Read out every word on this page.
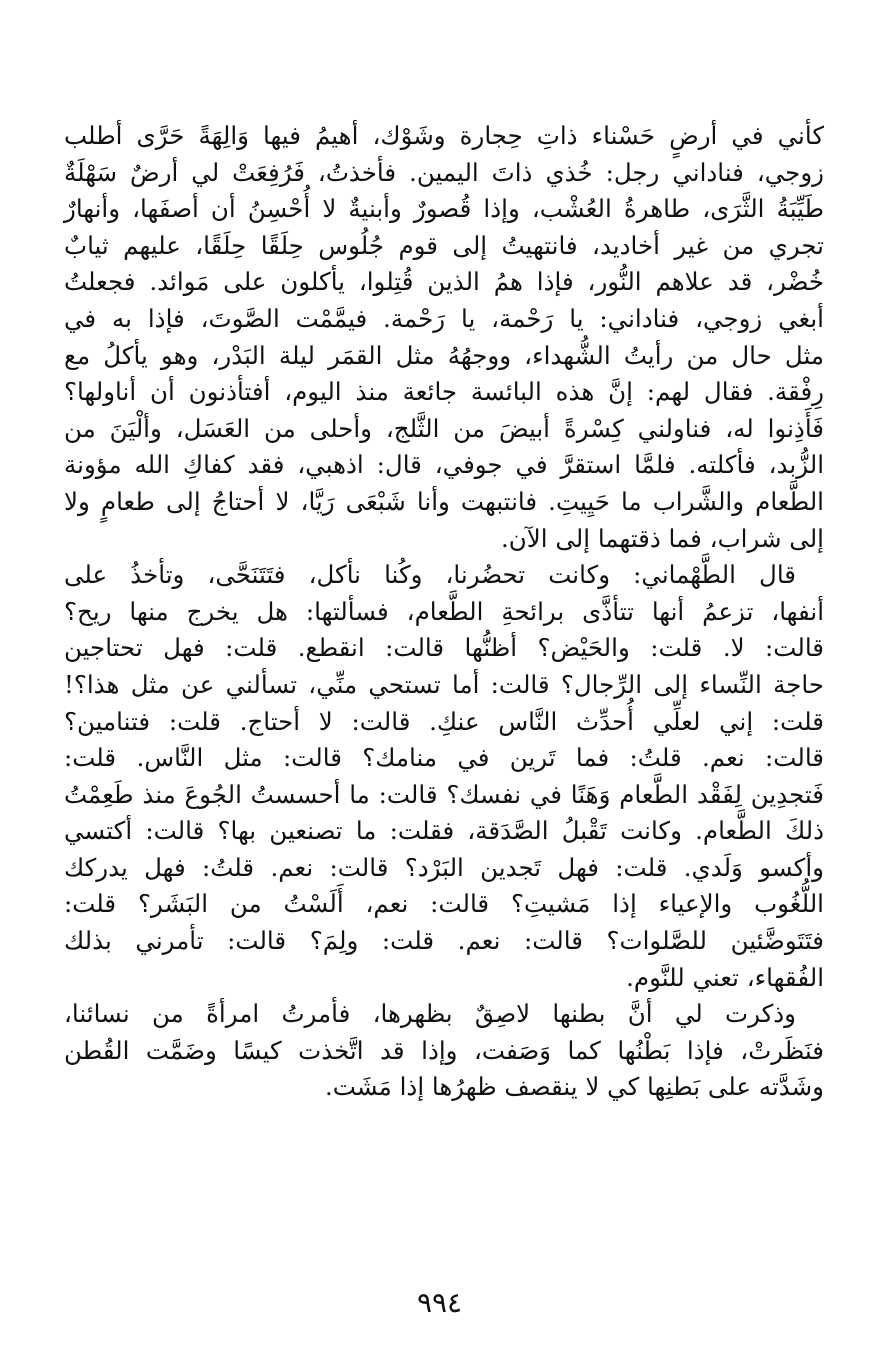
كأني في أرضٍ حَسْناء ذاتِ حِجارة وشَوْك، أهيمُ فيها وَالِهَةً حَرَّى أطلب
زوجي، فناداني رجل: خُذي ذاتَ اليمين. فأخذتُ، فَرُفِعَتْ لي أرضٌ سَهْلَةٌ
طَيِّبَةُ الثَّرَى، طاهرةُ العُشْب، وإذا قُصورٌ وأبنيةٌ لا أُحْسِنُ أن أصفَها، وأنهارٌ
تجري من غير أخاديد، فانتهيتُ إلى قوم جُلُوس حِلَقًا حِلَقًا، عليهم ثيابٌ
خُضْر، قد علاهم النُّور، فإذا همُ الذين قُتِلوا، يأكلون على مَوائد. فجعلتُ
أبغي زوجي، فناداني: يا رَحْمة، يا رَحْمة. فيمَّمْت الصَّوتَ، فإذا به في
مثل حال من رأيتُ الشُّهداء، ووجهُهُ مثل القمَر ليلة البَدْر، وهو يأكلُ مع
رِفْقة. فقال لهم: إنَّ هذه البائسة جائعة منذ اليوم، أفتأذنون أن أناولها؟
فَأَذِنوا له، فناولني كِسْرةً أبيضَ من الثَّلج، وأحلى من العَسَل، وألْيَنَ من
الزُّبد، فأكلته. فلمَّا استقرَّ في جوفي، قال: اذهبي، فقد كفاكِ الله مؤونة
الطَّعام والشَّراب ما حَيِيتِ. فانتبهت وأنا شَبْعَى رَيَّا، لا أحتاجُ إلى طعامٍ ولا
إلى شراب، فما ذقتهما إلى الآن.
قال الطَّهْماني: وكانت تحضُرنا، وكُنا نأكل، فتَتَنَحَّى، وتأخذُ على
أنفها، تزعمُ أنها تتأذَّى برائحةِ الطَّعام، فسألتها: هل يخرج منها ريح؟
قالت: لا. قلت: والحَيْض؟ أظنُّها قالت: انقطع. قلت: فهل تحتاجين
حاجة النِّساء إلى الرِّجال؟ قالت: أما تستحي منِّي، تسألني عن مثل هذا؟!
قلت: إني لعلِّي أُحدِّث النَّاس عنكِ. قالت: لا أحتاج. قلت: فتنامين؟
قالت: نعم. قلتُ: فما تَرين في منامك؟ قالت: مثل النَّاس. قلت:
فَتجدِين لِفَقْد الطَّعام وَهَنًا في نفسك؟ قالت: ما أحسستُ الجُوعَ منذ طَعِمْتُ
ذلكَ الطَّعام. وكانت تَقْبلُ الصَّدَقة، فقلت: ما تصنعين بها؟ قالت: أكتسي
وأكسو وَلَدي. قلت: فهل تَجدين البَرْد؟ قالت: نعم. قلتُ: فهل يدركك
اللُّغُوب والإعياء إذا مَشيتِ؟ قالت: نعم، أَلَسْتُ من البَشَر؟ قلت:
فتَتَوضَّئين للصَّلوات؟ قالت: نعم. قلت: ولِمَ؟ قالت: تأمرني بذلك
الفُقهاء، تعني للنَّوم.
وذكرت لي أنَّ بطنها لاصِقٌ بظهرها، فأمرتُ امرأةً من نسائنا،
فنَظَرتْ، فإذا بَطْنُها كما وَصَفت، وإذا قد اتَّخذت كيسًا وضَمَّت القُطن
وشَدَّته على بَطنِها كي لا ينقصف ظهرُها إذا مَشَت.
٩٩٤
